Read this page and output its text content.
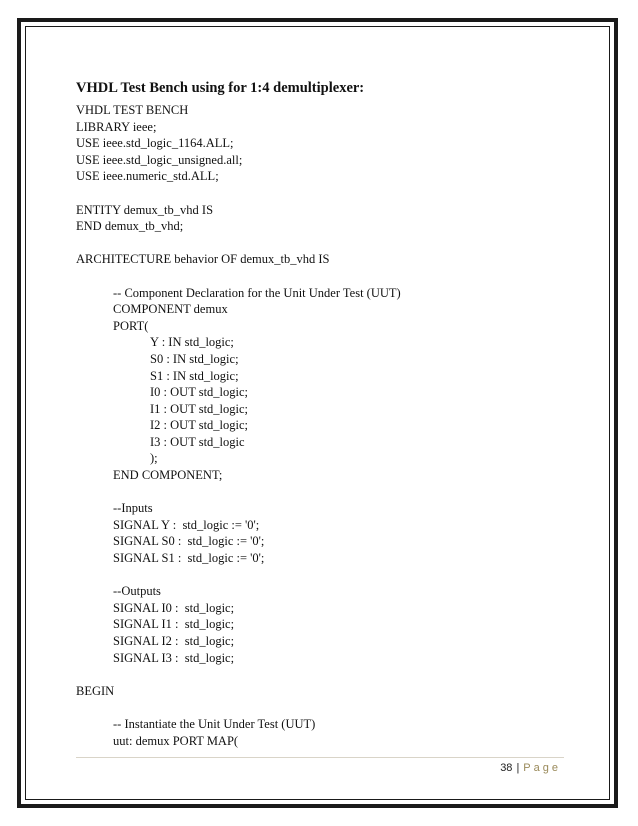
VHDL Test Bench using for 1:4 demultiplexer:
VHDL TEST BENCH
LIBRARY ieee;
USE ieee.std_logic_1164.ALL;
USE ieee.std_logic_unsigned.all;
USE ieee.numeric_std.ALL;
ENTITY demux_tb_vhd IS
END demux_tb_vhd;
ARCHITECTURE behavior OF demux_tb_vhd IS
-- Component Declaration for the Unit Under Test (UUT)
COMPONENT demux
PORT(
Y : IN std_logic;
S0 : IN std_logic;
S1 : IN std_logic;
I0 : OUT std_logic;
I1 : OUT std_logic;
I2 : OUT std_logic;
I3 : OUT std_logic
);
END COMPONENT;
--Inputs
SIGNAL Y :  std_logic := '0';
SIGNAL S0 :  std_logic := '0';
SIGNAL S1 :  std_logic := '0';
--Outputs
SIGNAL I0 :  std_logic;
SIGNAL I1 :  std_logic;
SIGNAL I2 :  std_logic;
SIGNAL I3 :  std_logic;
BEGIN
-- Instantiate the Unit Under Test (UUT)
uut: demux PORT MAP(
38 | Page
